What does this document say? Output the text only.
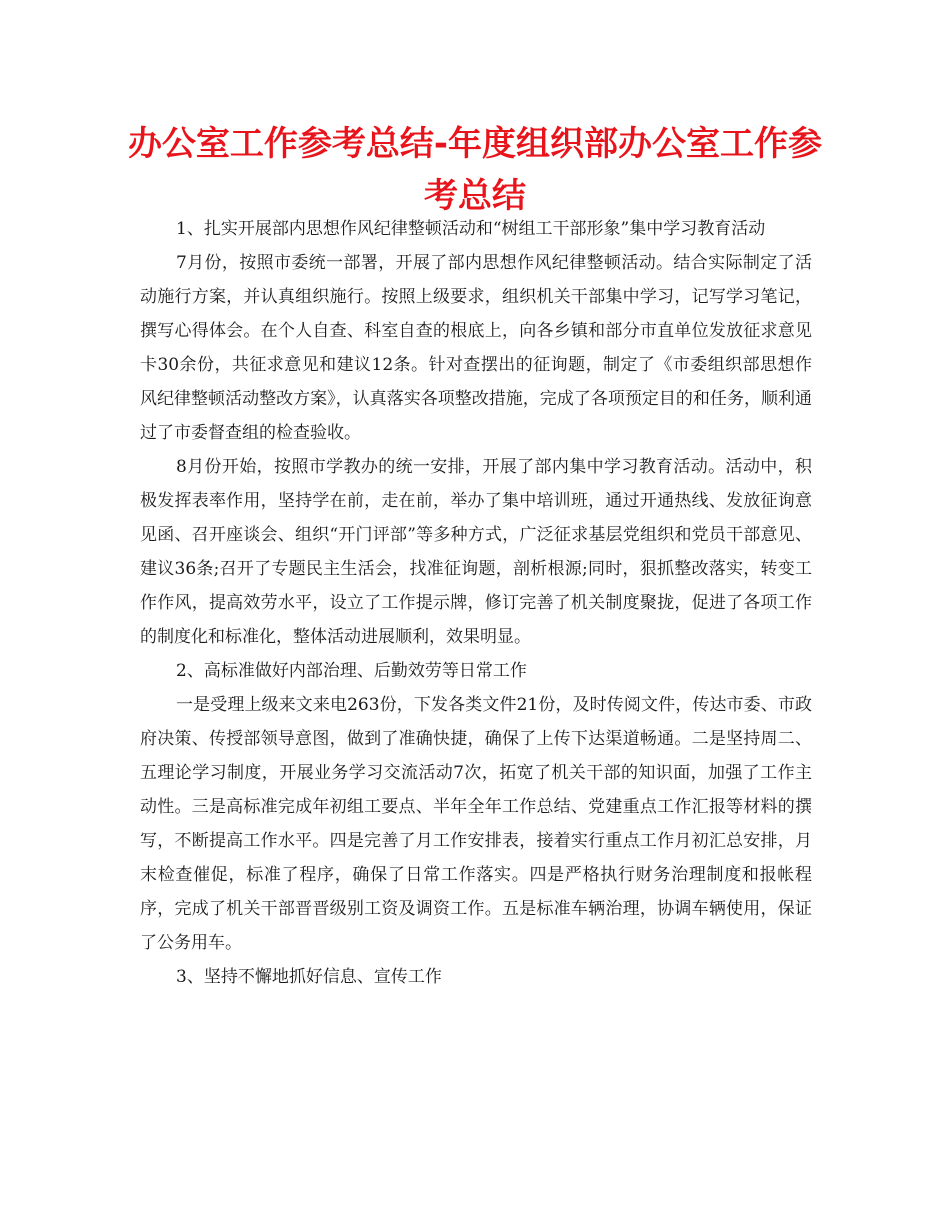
办公室工作参考总结-年度组织部办公室工作参考总结

1、扎实开展部内思想作风纪律整顿活动和“树组工干部形象”集中学习教育活动

7月份，按照市委统一部署，开展了部内思想作风纪律整顿活动。结合实际制定了活动施行方案，并认真组织施行。按照上级要求，组织机关干部集中学习，记写学习笔记，撰写心得体会。在个人自查、科室自查的根底上，向各乡镇和部分市直单位发放征求意见卡30余份，共征求意见和建议12条。针对查摆出的征询题，制定了《市委组织部思想作风纪律整顿活动整改方案》，认真落实各项整改措施，完成了各项预定目的和任务，顺利通过了市委督查组的检查验收。

8月份开始，按照市学教办的统一安排，开展了部内集中学习教育活动。活动中，积极发挥表率作用，坚持学在前，走在前，举办了集中培训班，通过开通热线、发放征询意见函、召开座谈会、组织“开门评部”等多种方式，广泛征求基层党组织和党员干部意见、建议36条;召开了专题民主生活会，找准征询题，剖析根源;同时，狠抓整改落实，转变工作作风，提高效劳水平，设立了工作提示牌，修订完善了机关制度聚拢，促进了各项工作的制度化和标准化，整体活动进展顺利，效果明显。

2、高标准做好内部治理、后勤效劳等日常工作

一是受理上级来文来电263份，下发各类文件21份，及时传阅文件，传达市委、市政府决策、传授部领导意图，做到了准确快捷，确保了上传下达渠道畅通。二是坚持周二、五理论学习制度，开展业务学习交流活动7次，拓宽了机关干部的知识面，加强了工作主动性。三是高标准完成年初组工要点、半年全年工作总结、党建重点工作汇报等材料的撰写，不断提高工作水平。四是完善了月工作安排表，接着实行重点工作月初汇总安排，月末检查催促，标准了程序，确保了日常工作落实。四是严格执行财务治理制度和报帐程序，完成了机关干部晋晋级别工资及调资工作。五是标准车辆治理，协调车辆使用，保证了公务用车。

3、坚持不懈地抓好信息、宣传工作
